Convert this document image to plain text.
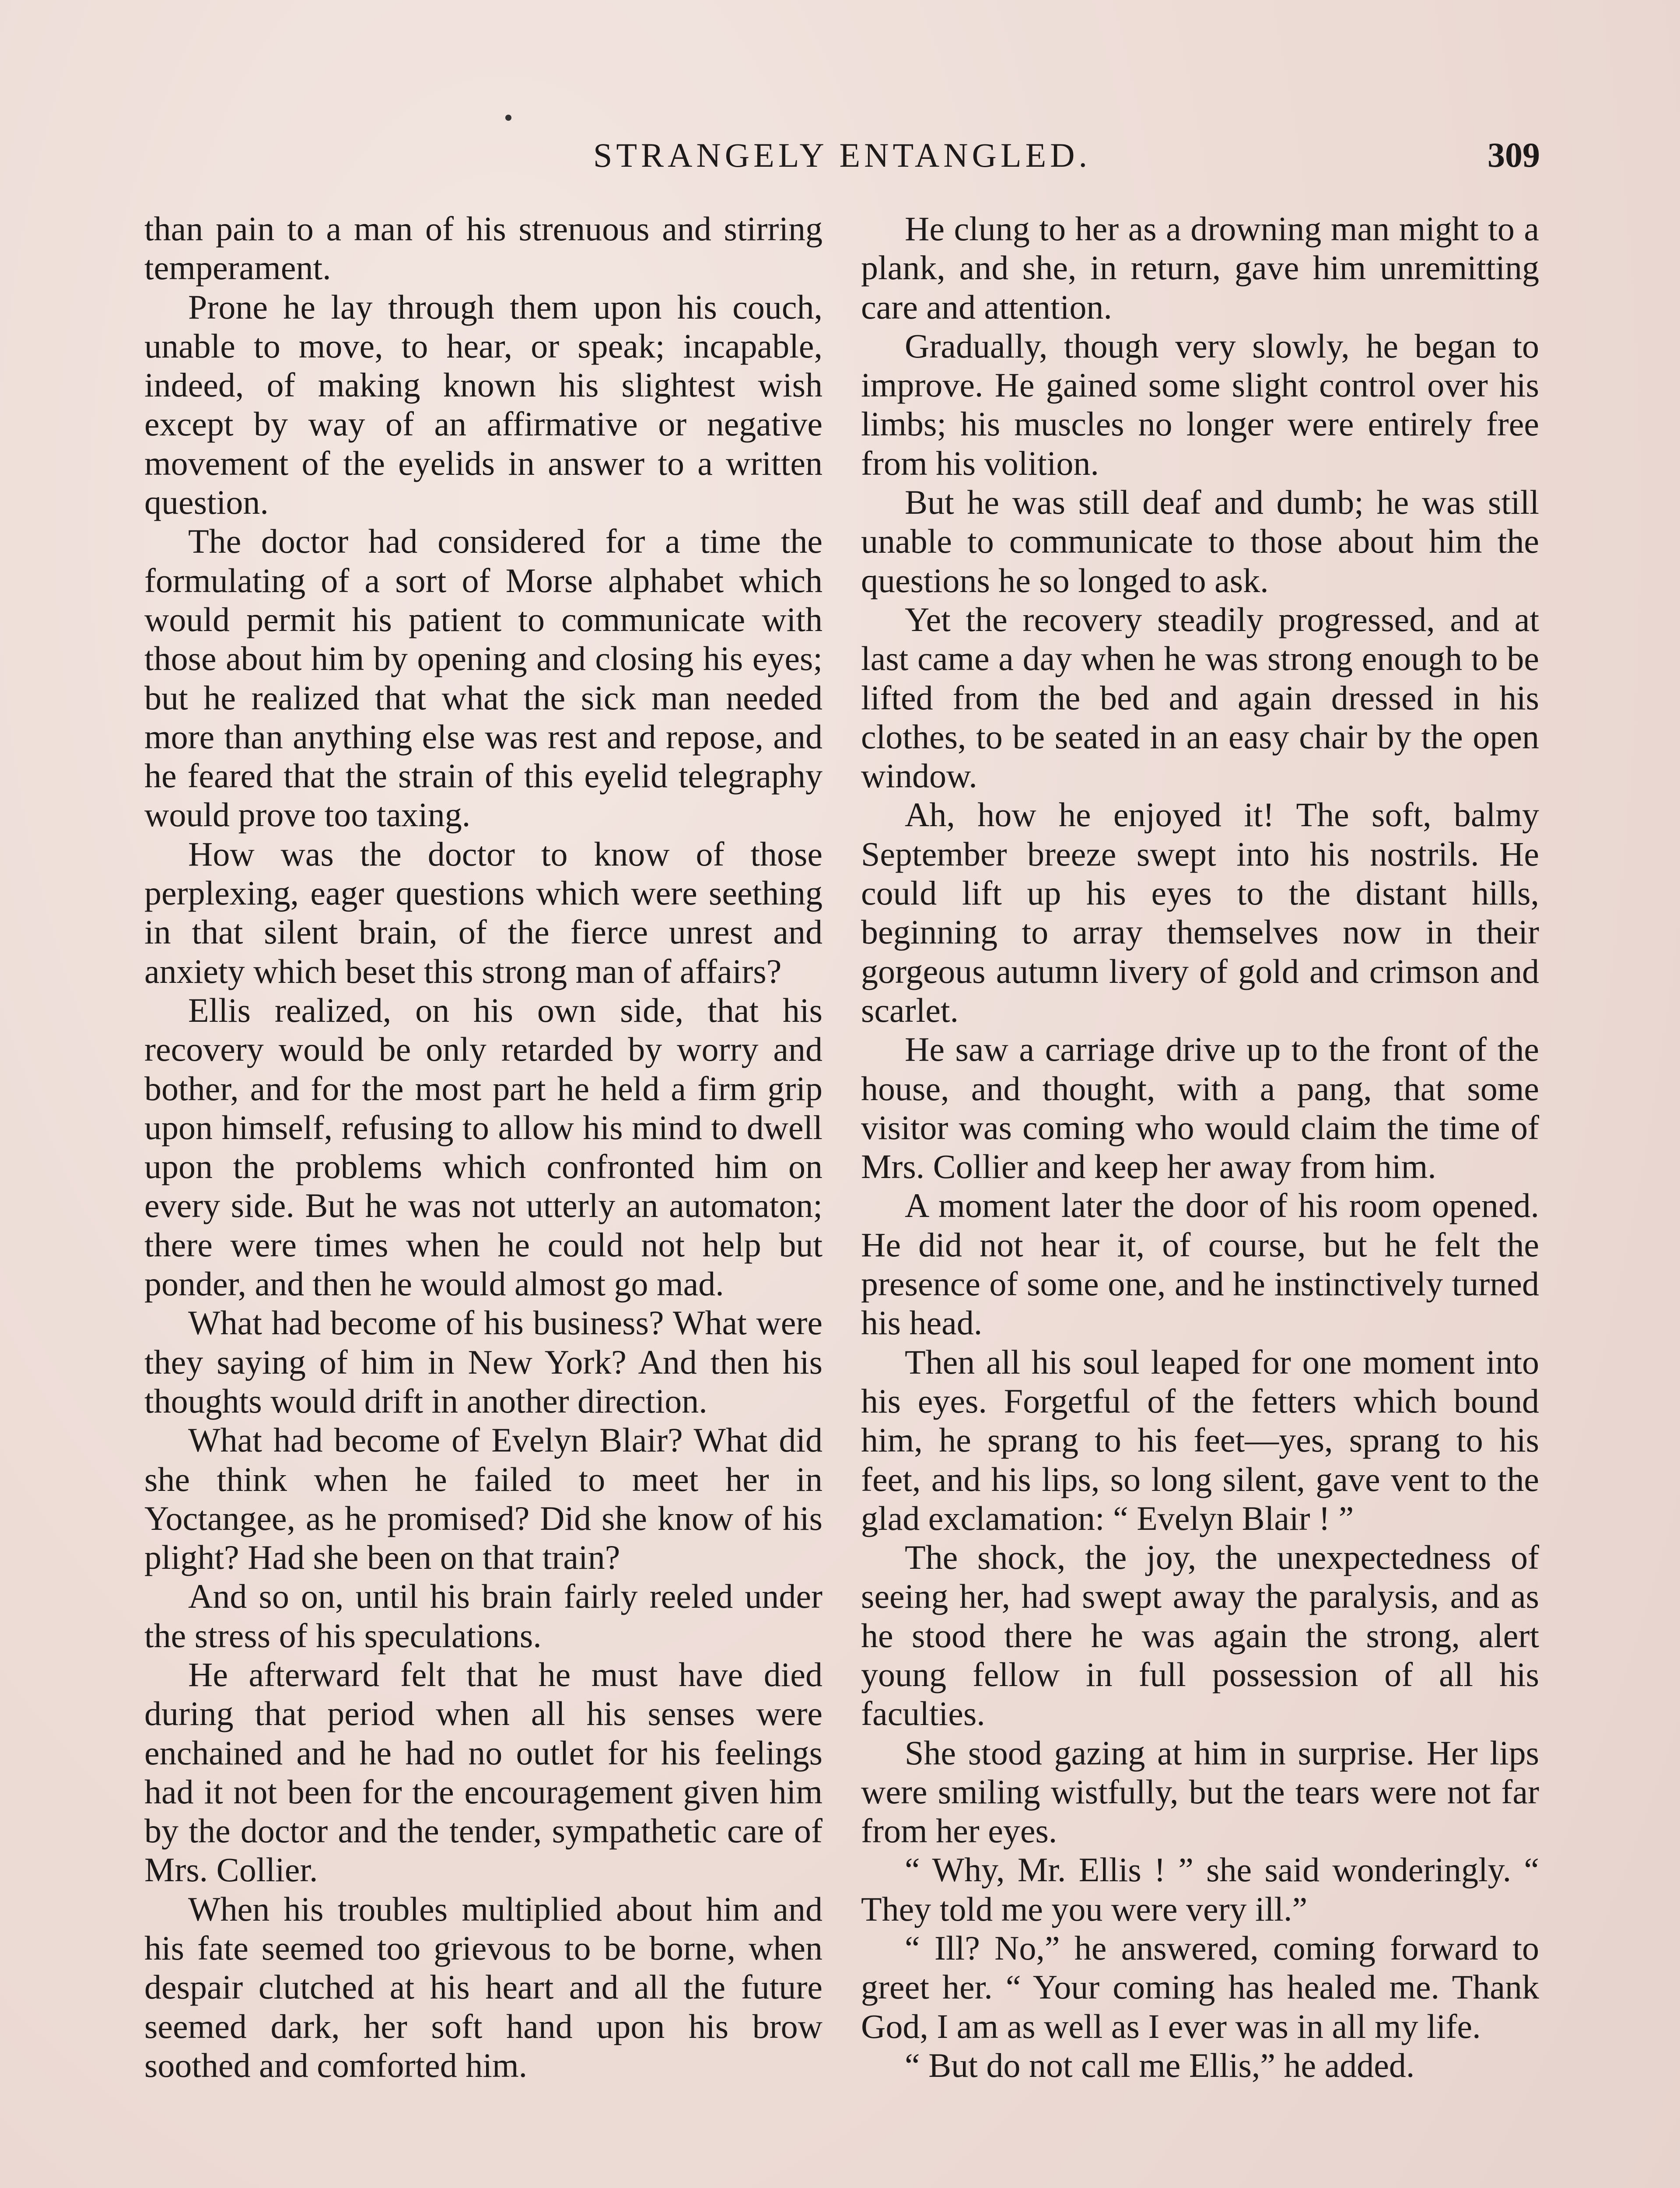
STRANGELY ENTANGLED.	309

than pain to a man of his strenuous and stirring temperament.

Prone he lay through them upon his couch, unable to move, to hear, or speak; incapable, indeed, of making known his slightest wish except by way of an affirmative or negative movement of the eyelids in answer to a written question.

The doctor had considered for a time the formulating of a sort of Morse alphabet which would permit his patient to communicate with those about him by opening and closing his eyes; but he realized that what the sick man needed more than anything else was rest and repose, and he feared that the strain of this eyelid telegraphy would prove too taxing.

How was the doctor to know of those perplexing, eager questions which were seething in that silent brain, of the fierce unrest and anxiety which beset this strong man of affairs?

Ellis realized, on his own side, that his recovery would be only retarded by worry and bother, and for the most part he held a firm grip upon himself, refusing to allow his mind to dwell upon the problems which confronted him on every side. But he was not utterly an automaton; there were times when he could not help but ponder, and then he would almost go mad.

What had become of his business? What were they saying of him in New York? And then his thoughts would drift in another direction.

What had become of Evelyn Blair? What did she think when he failed to meet her in Yoctangee, as he promised? Did she know of his plight? Had she been on that train?

And so on, until his brain fairly reeled under the stress of his speculations.

He afterward felt that he must have died during that period when all his senses were enchained and he had no outlet for his feelings had it not been for the encouragement given him by the doctor and the tender, sympathetic care of Mrs. Collier.

When his troubles multiplied about him and his fate seemed too grievous to be borne, when despair clutched at his heart and all the future seemed dark, her soft hand upon his brow soothed and comforted him.

He clung to her as a drowning man might to a plank, and she, in return, gave him unremitting care and attention.

Gradually, though very slowly, he began to improve. He gained some slight control over his limbs; his muscles no longer were entirely free from his volition.

But he was still deaf and dumb; he was still unable to communicate to those about him the questions he so longed to ask.

Yet the recovery steadily progressed, and at last came a day when he was strong enough to be lifted from the bed and again dressed in his clothes, to be seated in an easy chair by the open window.

Ah, how he enjoyed it! The soft, balmy September breeze swept into his nostrils. He could lift up his eyes to the distant hills, beginning to array themselves now in their gorgeous autumn livery of gold and crimson and scarlet.

He saw a carriage drive up to the front of the house, and thought, with a pang, that some visitor was coming who would claim the time of Mrs. Collier and keep her away from him.

A moment later the door of his room opened. He did not hear it, of course, but he felt the presence of some one, and he instinctively turned his head.

Then all his soul leaped for one moment into his eyes. Forgetful of the fetters which bound him, he sprang to his feet—yes, sprang to his feet, and his lips, so long silent, gave vent to the glad exclamation: “ Evelyn Blair ! ”

The shock, the joy, the unexpectedness of seeing her, had swept away the paralysis, and as he stood there he was again the strong, alert young fellow in full possession of all his faculties.

She stood gazing at him in surprise. Her lips were smiling wistfully, but the tears were not far from her eyes.

“ Why, Mr. Ellis ! ” she said wonderingly. “ They told me you were very ill.”

“ Ill? No,” he answered, coming forward to greet her. “ Your coming has healed me. Thank God, I am as well as I ever was in all my life.

“ But do not call me Ellis,” he added.
